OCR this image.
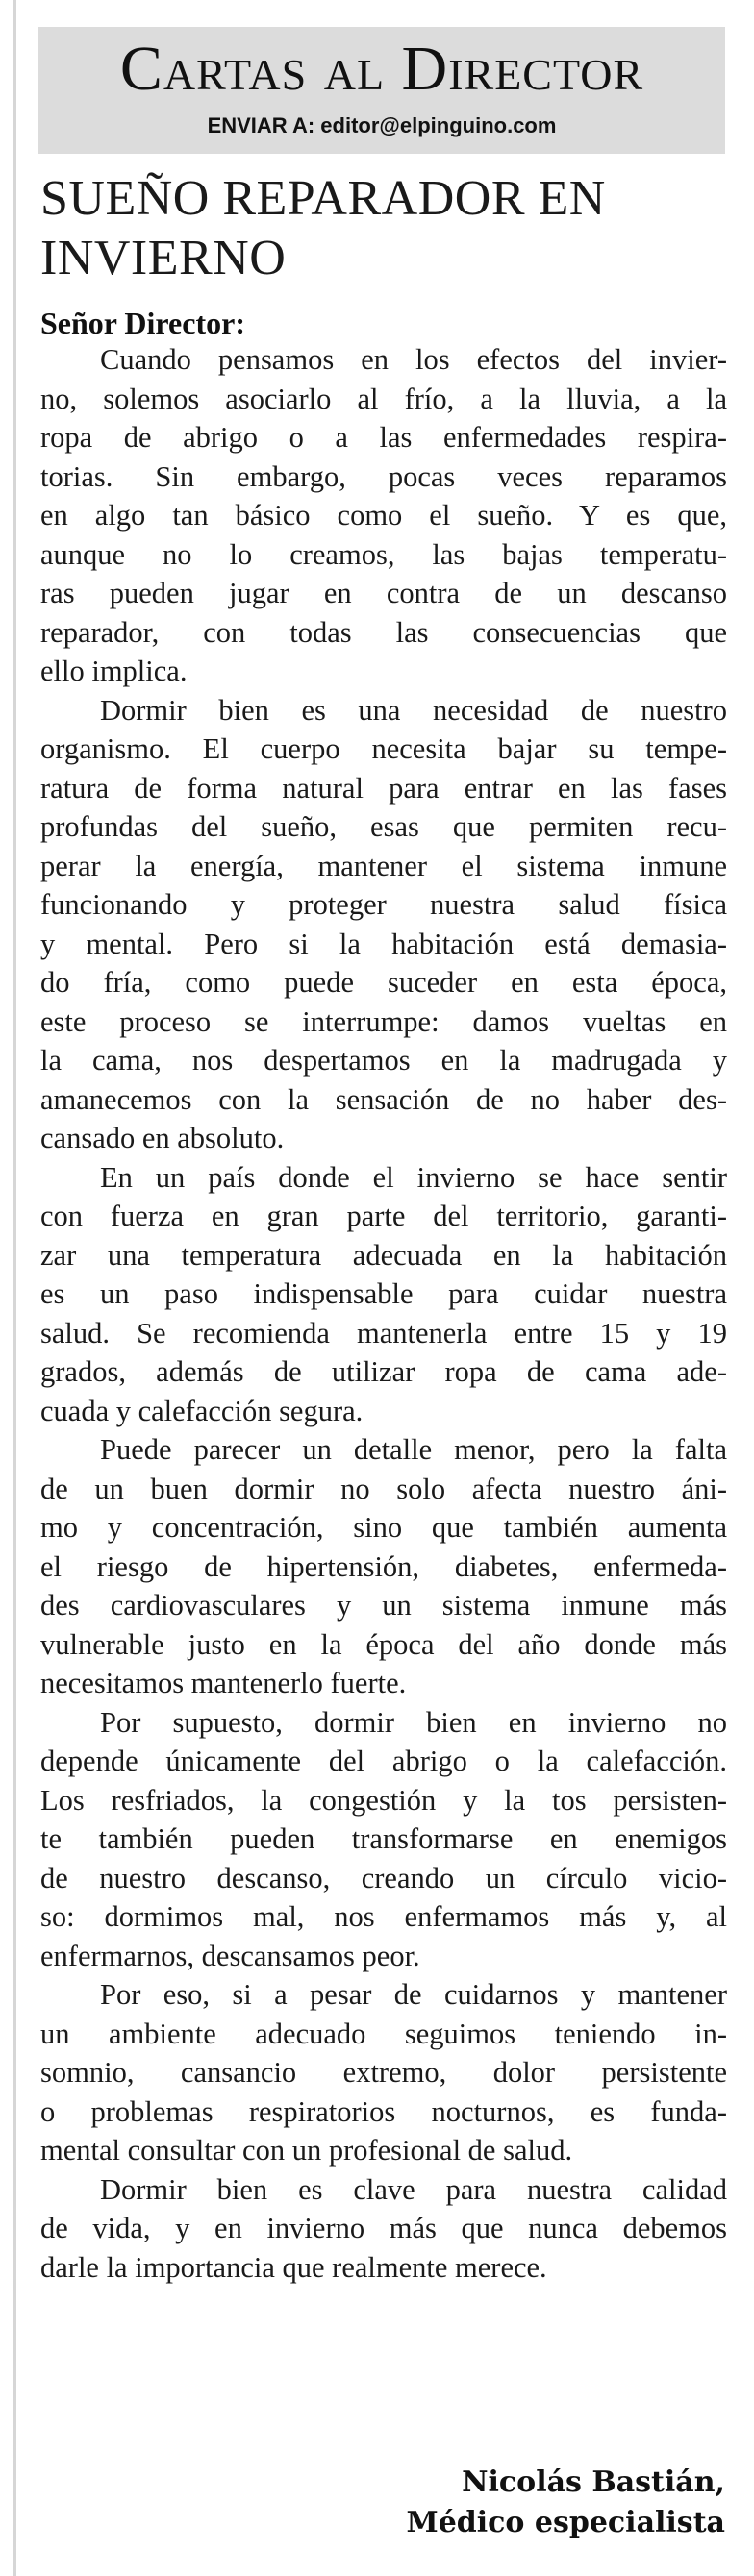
Cartas al Director
ENVIAR A: editor@elpinguino.com
SUEÑO REPARADOR EN
INVIERNO
Señor Director:
Cuando pensamos en los efectos del invier-
no, solemos asociarlo al frío, a la lluvia, a la
ropa de abrigo o a las enfermedades respira-
torias. Sin embargo, pocas veces reparamos
en algo tan básico como el sueño. Y es que,
aunque no lo creamos, las bajas temperatu-
ras pueden jugar en contra de un descanso
reparador, con todas las consecuencias que
ello implica.
Dormir bien es una necesidad de nuestro
organismo. El cuerpo necesita bajar su tempe-
ratura de forma natural para entrar en las fases
profundas del sueño, esas que permiten recu-
perar la energía, mantener el sistema inmune
funcionando y proteger nuestra salud física
y mental. Pero si la habitación está demasia-
do fría, como puede suceder en esta época,
este proceso se interrumpe: damos vueltas en
la cama, nos despertamos en la madrugada y
amanecemos con la sensación de no haber des-
cansado en absoluto.
En un país donde el invierno se hace sentir
con fuerza en gran parte del territorio, garanti-
zar una temperatura adecuada en la habitación
es un paso indispensable para cuidar nuestra
salud. Se recomienda mantenerla entre 15 y 19
grados, además de utilizar ropa de cama ade-
cuada y calefacción segura.
Puede parecer un detalle menor, pero la falta
de un buen dormir no solo afecta nuestro áni-
mo y concentración, sino que también aumenta
el riesgo de hipertensión, diabetes, enfermeda-
des cardiovasculares y un sistema inmune más
vulnerable justo en la época del año donde más
necesitamos mantenerlo fuerte.
Por supuesto, dormir bien en invierno no
depende únicamente del abrigo o la calefacción.
Los resfriados, la congestión y la tos persisten-
te también pueden transformarse en enemigos
de nuestro descanso, creando un círculo vicio-
so: dormimos mal, nos enfermamos más y, al
enfermarnos, descansamos peor.
Por eso, si a pesar de cuidarnos y mantener
un ambiente adecuado seguimos teniendo in-
somnio, cansancio extremo, dolor persistente
o problemas respiratorios nocturnos, es funda-
mental consultar con un profesional de salud.
Dormir bien es clave para nuestra calidad
de vida, y en invierno más que nunca debemos
darle la importancia que realmente merece.
Nicolás Bastián,
Médico especialista
